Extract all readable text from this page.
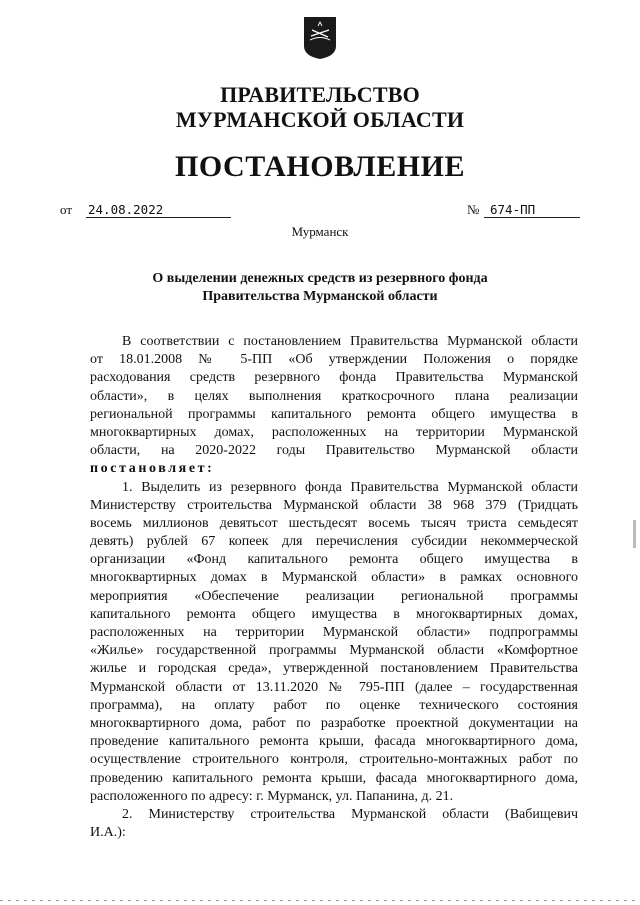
ПРАВИТЕЛЬСТВО
МУРМАНСКОЙ ОБЛАСТИ
ПОСТАНОВЛЕНИЕ
от 24.08.2022	№ 674-ПП
Мурманск
О выделении денежных средств из резервного фонда
Правительства Мурманской области
В соответствии с постановлением Правительства Мурманской области
от 18.01.2008 № 5-ПП «Об утверждении Положения о порядке
расходования средств резервного фонда Правительства Мурманской
области», в целях выполнения краткосрочного плана реализации
региональной программы капитального ремонта общего имущества в
многоквартирных домах, расположенных на территории Мурманской
области, на 2020-2022 годы Правительство Мурманской области
постановляет:
1. Выделить из резервного фонда Правительства Мурманской области
Министерству строительства Мурманской области 38 968 379 (Тридцать
восемь миллионов девятьсот шестьдесят восемь тысяч триста семьдесят
девять) рублей 67 копеек для перечисления субсидии некоммерческой
организации «Фонд капитального ремонта общего имущества в
многоквартирных домах в Мурманской области» в рамках основного
мероприятия «Обеспечение реализации региональной программы
капитального ремонта общего имущества в многоквартирных домах,
расположенных на территории Мурманской области» подпрограммы
«Жилье» государственной программы Мурманской области «Комфортное
жилье и городская среда», утвержденной постановлением Правительства
Мурманской области от 13.11.2020 № 795-ПП (далее – государственная
программа), на оплату работ по оценке технического состояния
многоквартирного дома, работ по разработке проектной документации на
проведение капитального ремонта крыши, фасада многоквартирного дома,
осуществление строительного контроля, строительно-монтажных работ по
проведению капитального ремонта крыши, фасада многоквартирного дома,
расположенного по адресу: г. Мурманск, ул. Папанина, д. 21.
2. Министерству строительства Мурманской области (Вабищевич
И.А.):
